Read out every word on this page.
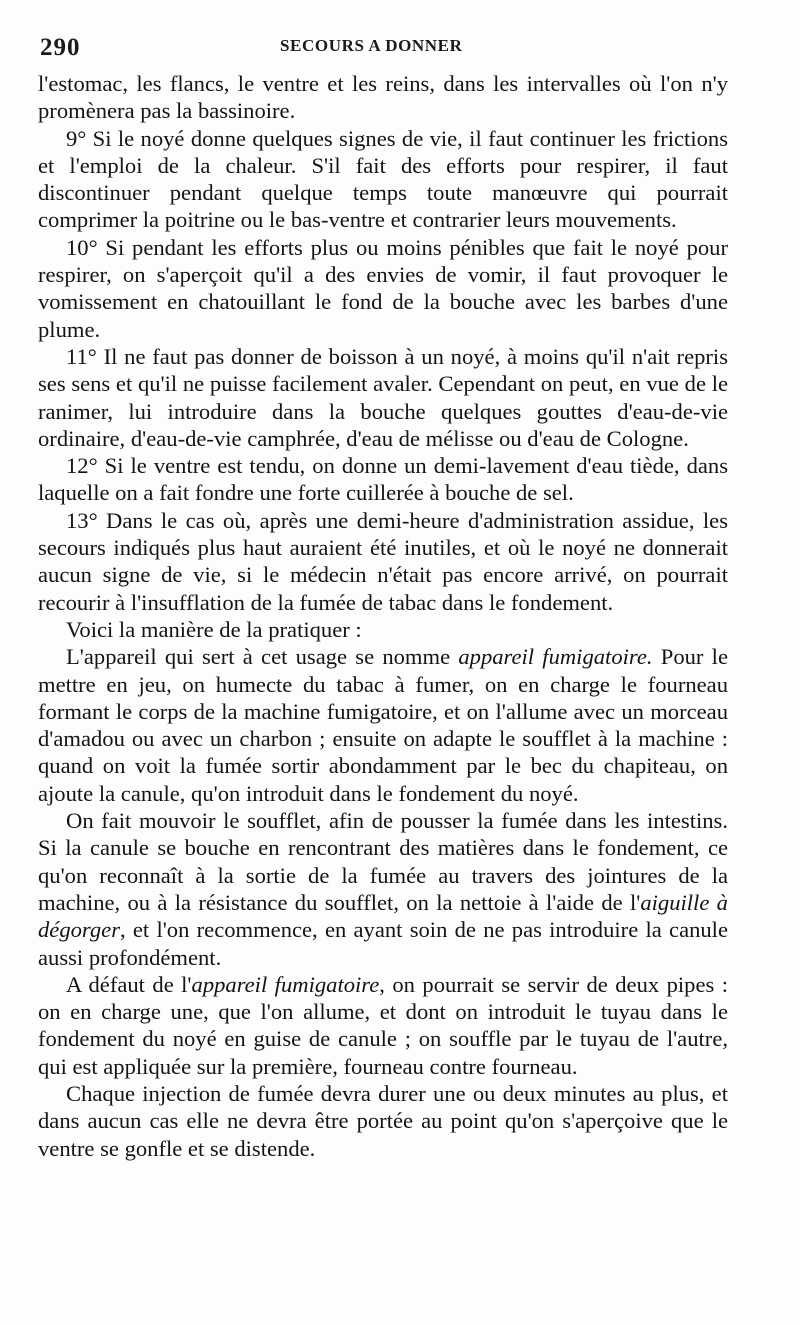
290	SECOURS A DONNER

l'estomac, les flancs, le ventre et les reins, dans les intervalles où l'on n'y promènera pas la bassinoire.

9° Si le noyé donne quelques signes de vie, il faut continuer les frictions et l'emploi de la chaleur. S'il fait des efforts pour respirer, il faut discontinuer pendant quelque temps toute manœuvre qui pourrait comprimer la poitrine ou le bas-ventre et contrarier leurs mouvements.

10° Si pendant les efforts plus ou moins pénibles que fait le noyé pour respirer, on s'aperçoit qu'il a des envies de vomir, il faut provoquer le vomissement en chatouillant le fond de la bouche avec les barbes d'une plume.

11° Il ne faut pas donner de boisson à un noyé, à moins qu'il n'ait repris ses sens et qu'il ne puisse facilement avaler. Cependant on peut, en vue de le ranimer, lui introduire dans la bouche quelques gouttes d'eau-de-vie ordinaire, d'eau-de-vie camphrée, d'eau de mélisse ou d'eau de Cologne.

12° Si le ventre est tendu, on donne un demi-lavement d'eau tiède, dans laquelle on a fait fondre une forte cuillerée à bouche de sel.

13° Dans le cas où, après une demi-heure d'administration assidue, les secours indiqués plus haut auraient été inutiles, et où le noyé ne donnerait aucun signe de vie, si le médecin n'était pas encore arrivé, on pourrait recourir à l'insufflation de la fumée de tabac dans le fondement.

Voici la manière de la pratiquer :

L'appareil qui sert à cet usage se nomme appareil fumigatoire. Pour le mettre en jeu, on humecte du tabac à fumer, on en charge le fourneau formant le corps de la machine fumigatoire, et on l'allume avec un morceau d'amadou ou avec un charbon ; ensuite on adapte le soufflet à la machine : quand on voit la fumée sortir abondamment par le bec du chapiteau, on ajoute la canule, qu'on introduit dans le fondement du noyé.

On fait mouvoir le soufflet, afin de pousser la fumée dans les intestins. Si la canule se bouche en rencontrant des matières dans le fondement, ce qu'on reconnaît à la sortie de la fumée au travers des jointures de la machine, ou à la résistance du soufflet, on la nettoie à l'aide de l'aiguille à dégorger, et l'on recommence, en ayant soin de ne pas introduire la canule aussi profondément.

A défaut de l'appareil fumigatoire, on pourrait se servir de deux pipes : on en charge une, que l'on allume, et dont on introduit le tuyau dans le fondement du noyé en guise de canule ; on souffle par le tuyau de l'autre, qui est appliquée sur la première, fourneau contre fourneau.

Chaque injection de fumée devra durer une ou deux minutes au plus, et dans aucun cas elle ne devra être portée au point qu'on s'aperçoive que le ventre se gonfle et se distende.
